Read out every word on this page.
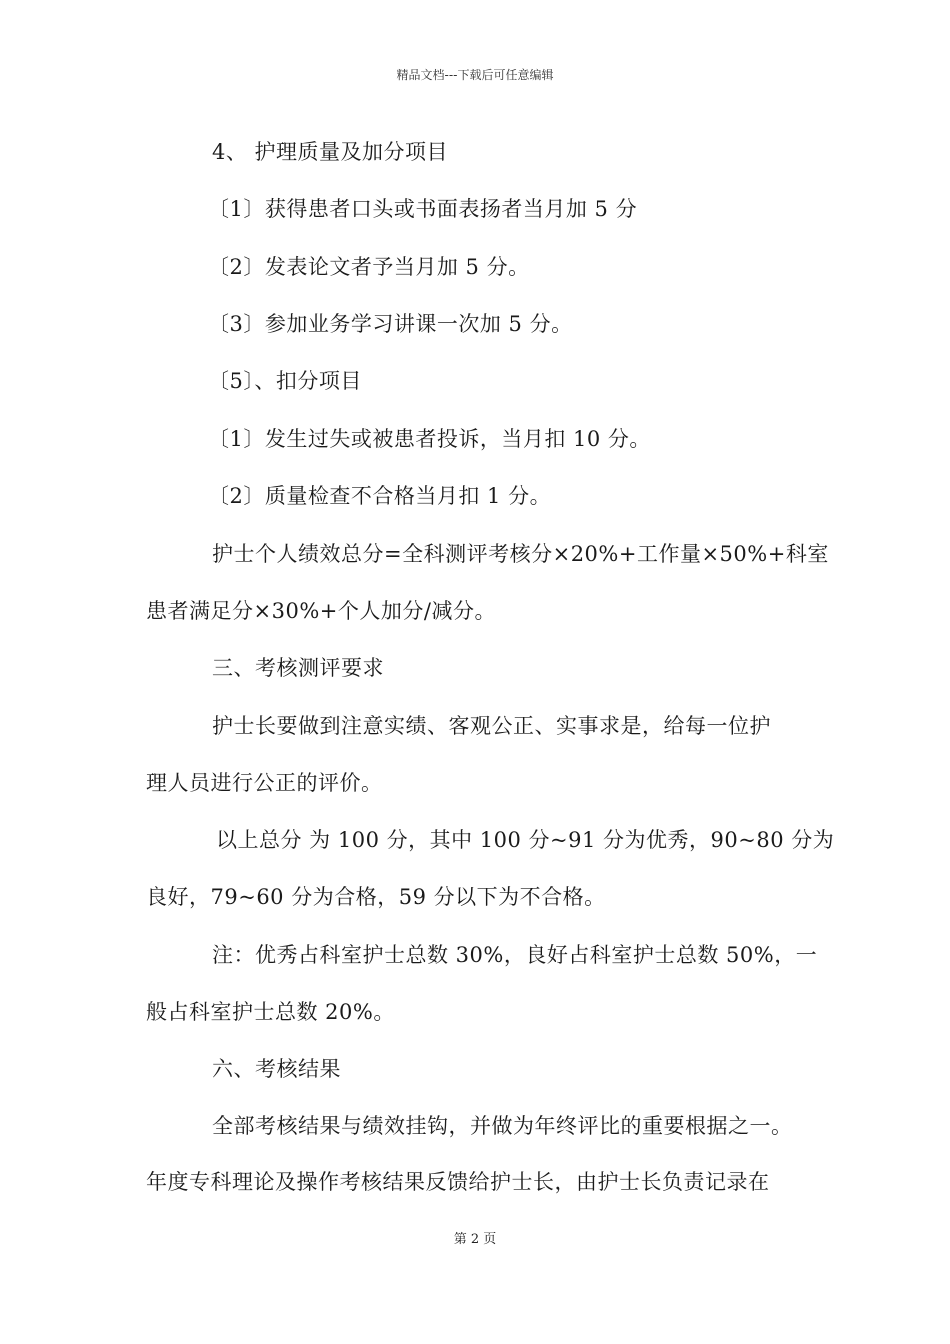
精品文档---下载后可任意编辑
4、 护理质量及加分项目
〔1〕获得患者口头或书面表扬者当月加 5 分
〔2〕发表论文者予当月加 5 分。
〔3〕参加业务学习讲课一次加 5 分。
〔5〕、扣分项目
〔1〕发生过失或被患者投诉，当月扣 10 分。
〔2〕质量检查不合格当月扣 1 分。
护士个人绩效总分=全科测评考核分×20%+工作量×50%+科室
患者满足分×30%+个人加分/减分。
三、考核测评要求
护士长要做到注意实绩、客观公正、实事求是，给每一位护
理人员进行公正的评价。
以上总分 为 100 分，其中 100 分~91 分为优秀，90~80 分为
良好，79~60 分为合格，59 分以下为不合格。
注：优秀占科室护士总数 30%，良好占科室护士总数 50%，一
般占科室护士总数 20%。
六、考核结果
全部考核结果与绩效挂钩，并做为年终评比的重要根据之一。
年度专科理论及操作考核结果反馈给护士长，由护士长负责记录在
第 2 页
